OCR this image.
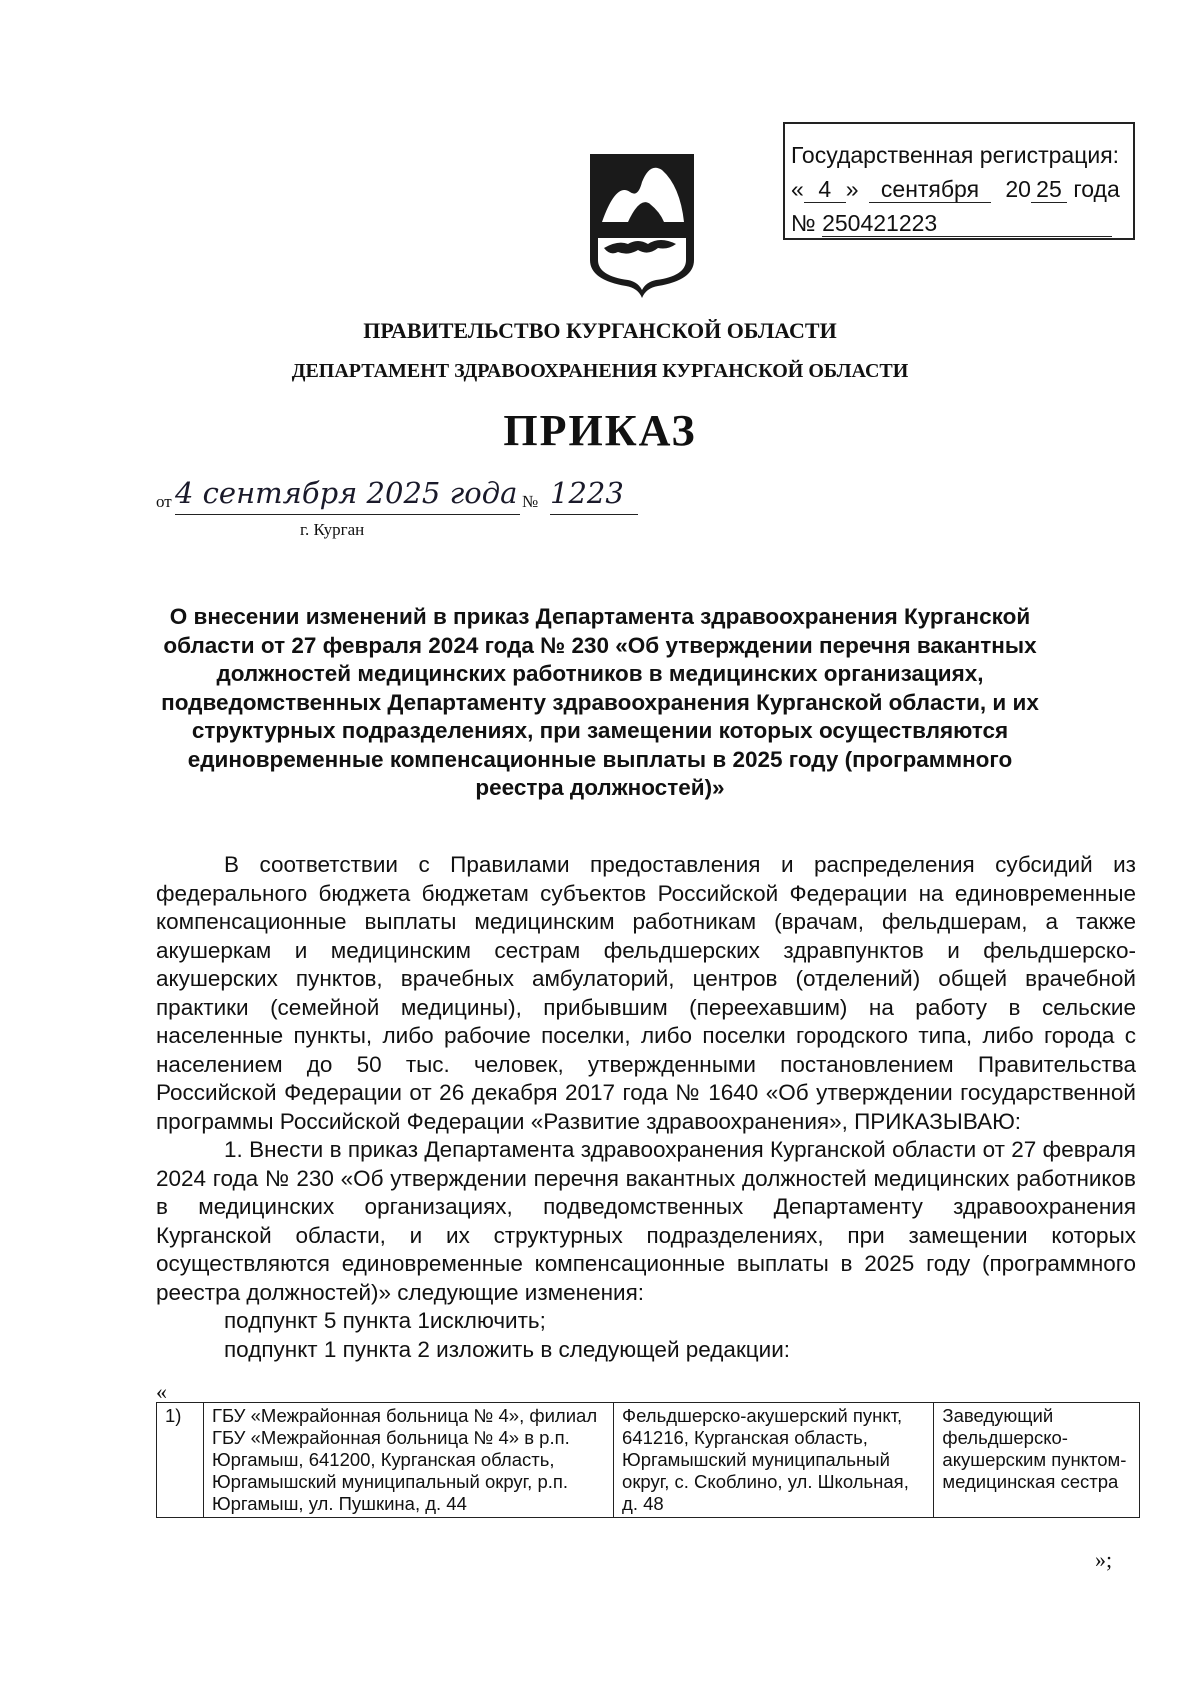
Государственная регистрация:
« 4 » сентября 20 25 года
№ 250421223
ПРАВИТЕЛЬСТВО КУРГАНСКОЙ ОБЛАСТИ
ДЕПАРТАМЕНТ ЗДРАВООХРАНЕНИЯ КУРГАНСКОЙ ОБЛАСТИ
ПРИКАЗ
от 4 сентября 2025 года № 1223
г. Курган
О внесении изменений в приказ Департамента здравоохранения Курганской области от 27 февраля 2024 года № 230 «Об утверждении перечня вакантных должностей медицинских работников в медицинских организациях, подведомственных Департаменту здравоохранения Курганской области, и их структурных подразделениях, при замещении которых осуществляются единовременные компенсационные выплаты в 2025 году (программного реестра должностей)»

В соответствии с Правилами предоставления и распределения субсидий из федерального бюджета бюджетам субъектов Российской Федерации на единовременные компенсационные выплаты медицинским работникам (врачам, фельдшерам, а также акушеркам и медицинским сестрам фельдшерских здравпунктов и фельдшерско-акушерских пунктов, врачебных амбулаторий, центров (отделений) общей врачебной практики (семейной медицины), прибывшим (переехавшим) на работу в сельские населенные пункты, либо рабочие поселки, либо поселки городского типа, либо города с населением до 50 тыс. человек, утвержденными постановлением Правительства Российской Федерации от 26 декабря 2017 года № 1640 «Об утверждении государственной программы Российской Федерации «Развитие здравоохранения», ПРИКАЗЫВАЮ:

1. Внести в приказ Департамента здравоохранения Курганской области от 27 февраля 2024 года № 230 «Об утверждении перечня вакантных должностей медицинских работников в медицинских организациях, подведомственных Департаменту здравоохранения Курганской области, и их структурных подразделениях, при замещении которых осуществляются единовременные компенсационные выплаты в 2025 году (программного реестра должностей)» следующие изменения:

подпункт 5 пункта 1исключить;

подпункт 1 пункта 2 изложить в следующей редакции:

«
1)	ГБУ «Межрайонная больница № 4», филиал ГБУ «Межрайонная больница № 4» в р.п. Юргамыш, 641200, Курганская область, Юргамышский муниципальный округ, р.п. Юргамыш, ул. Пушкина, д. 44	Фельдшерско-акушерский пункт, 641216, Курганская область, Юргамышский муниципальный округ, с. Скоблино, ул. Школьная, д. 48	Заведующий фельдшерско-акушерским пунктом-медицинская сестра
»;
